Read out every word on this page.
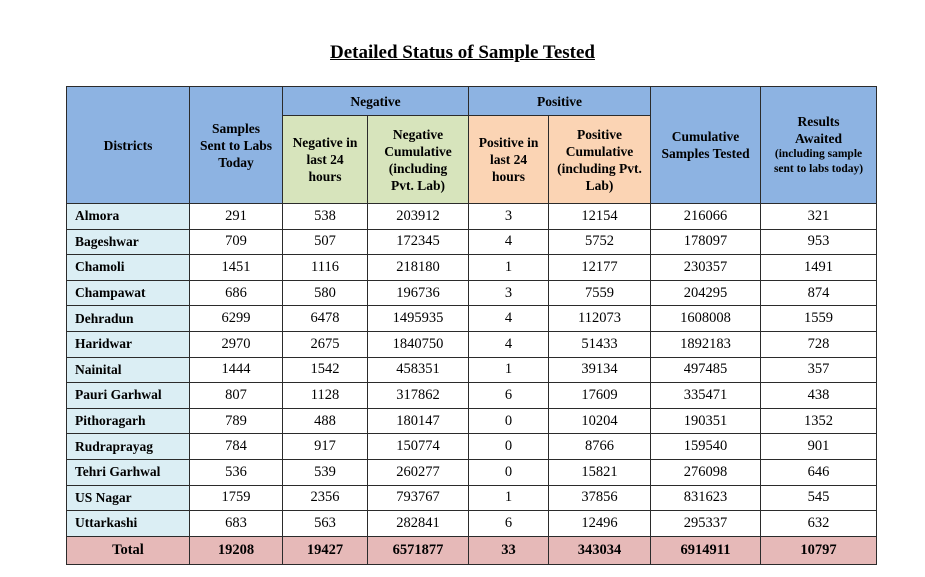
Detailed Status of Sample Tested
Districts	Samples Sent to Labs Today	Negative		Positive		Cumulative Samples Tested	Results Awaited
(including sample sent to labs today)

		Negative in last 24 hours	Negative Cumulative (including Pvt. Lab)	Positive in last 24 hours	Positive Cumulative (including Pvt. Lab)		
Almora	291	538	203912	3	12154	216066	321
Bageshwar	709	507	172345	4	5752	178097	953
Chamoli	1451	1116	218180	1	12177	230357	1491
Champawat	686	580	196736	3	7559	204295	874
Dehradun	6299	6478	1495935	4	112073	1608008	1559
Haridwar	2970	2675	1840750	4	51433	1892183	728
Nainital	1444	1542	458351	1	39134	497485	357
Pauri Garhwal	807	1128	317862	6	17609	335471	438
Pithoragarh	789	488	180147	0	10204	190351	1352
Rudraprayag	784	917	150774	0	8766	159540	901
Tehri Garhwal	536	539	260277	0	15821	276098	646
US Nagar	1759	2356	793767	1	37856	831623	545
Uttarkashi	683	563	282841	6	12496	295337	632
Total	19208	19427	6571877	33	343034	6914911	10797
